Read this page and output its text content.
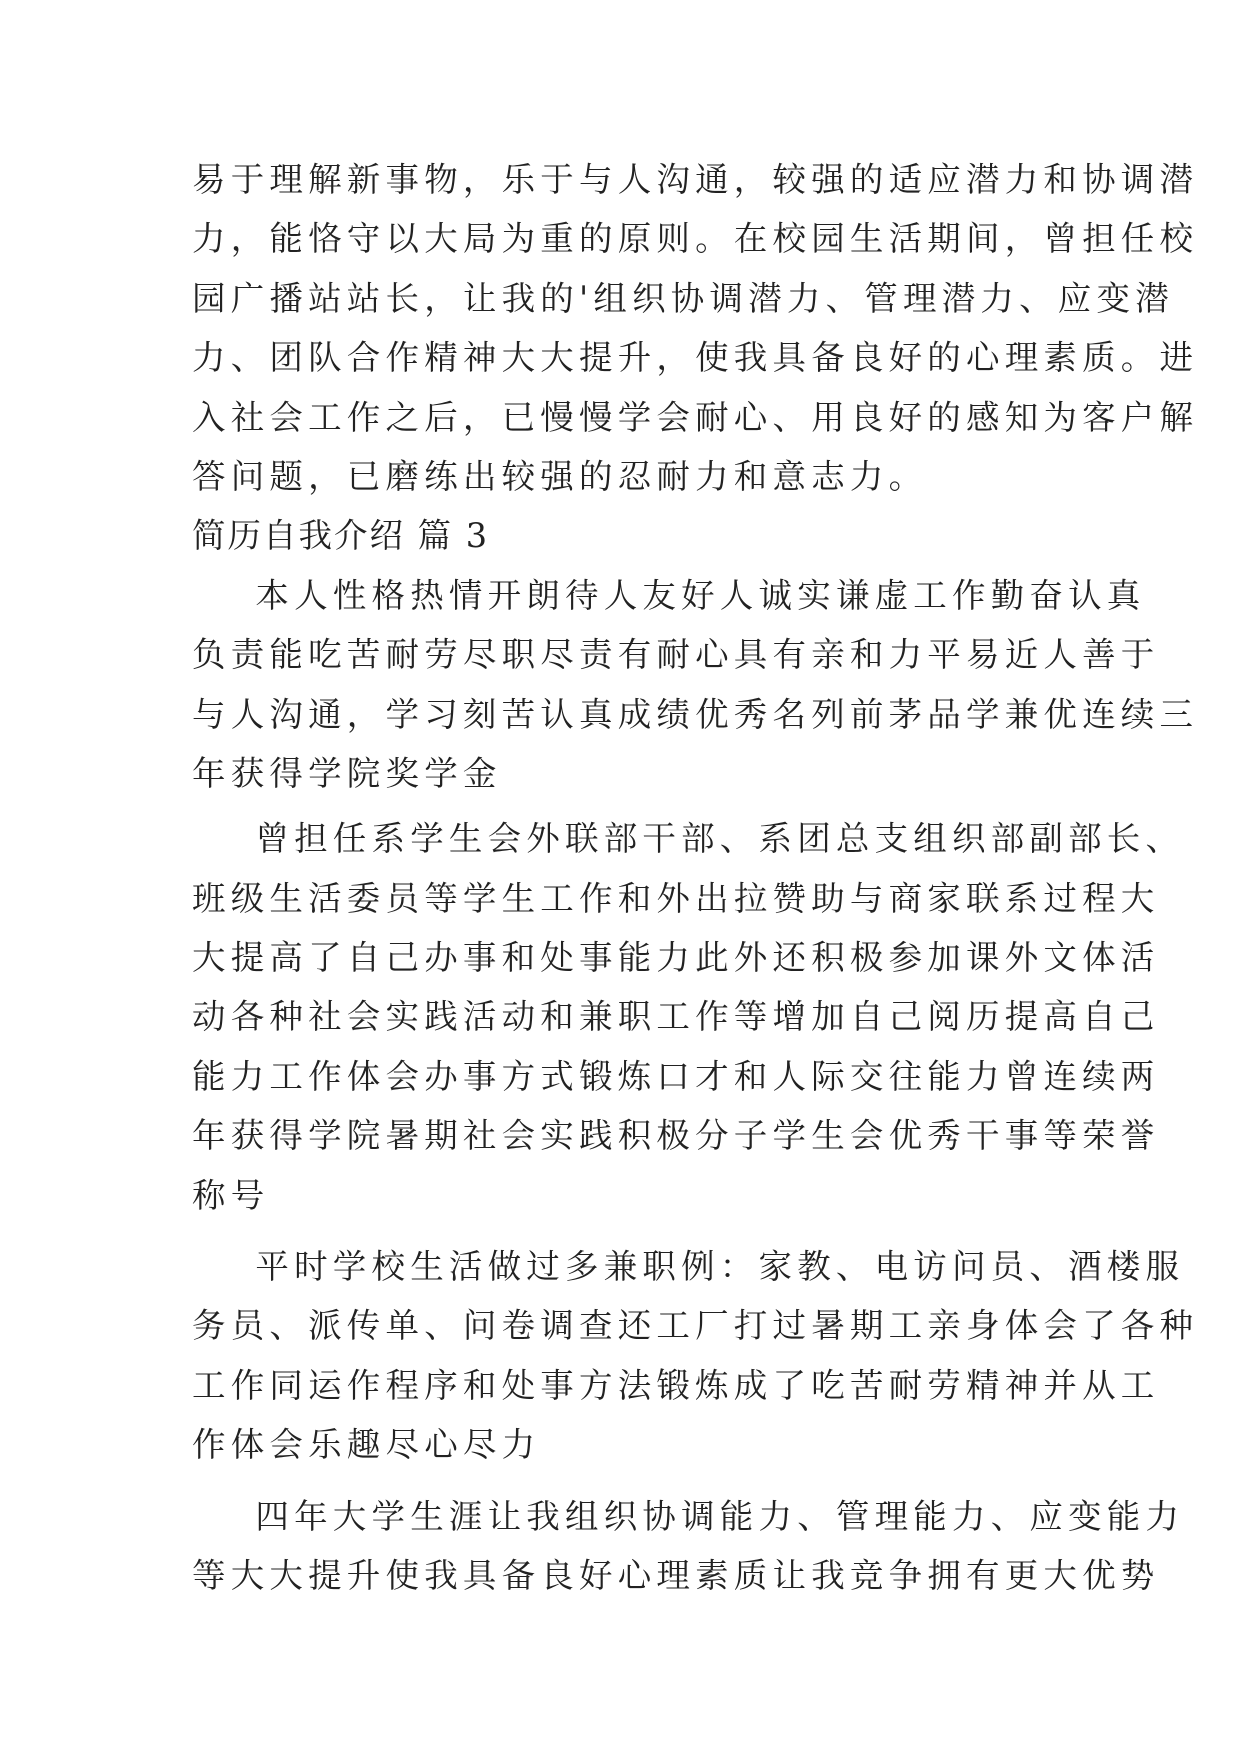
易于理解新事物，乐于与人沟通，较强的适应潜力和协调潜
力，能恪守以大局为重的原则。在校园生活期间，曾担任校
园广播站站长，让我的'组织协调潜力、管理潜力、应变潜
力、团队合作精神大大提升，使我具备良好的心理素质。进
入社会工作之后，已慢慢学会耐心、用良好的感知为客户解
答问题，已磨练出较强的忍耐力和意志力。
简历自我介绍 篇 3
本人性格热情开朗待人友好人诚实谦虚工作勤奋认真
负责能吃苦耐劳尽职尽责有耐心具有亲和力平易近人善于
与人沟通，学习刻苦认真成绩优秀名列前茅品学兼优连续三
年获得学院奖学金
曾担任系学生会外联部干部、系团总支组织部副部长、
班级生活委员等学生工作和外出拉赞助与商家联系过程大
大提高了自己办事和处事能力此外还积极参加课外文体活
动各种社会实践活动和兼职工作等增加自己阅历提高自己
能力工作体会办事方式锻炼口才和人际交往能力曾连续两
年获得学院暑期社会实践积极分子学生会优秀干事等荣誉
称号
平时学校生活做过多兼职例：家教、电访问员、酒楼服
务员、派传单、问卷调查还工厂打过暑期工亲身体会了各种
工作同运作程序和处事方法锻炼成了吃苦耐劳精神并从工
作体会乐趣尽心尽力
四年大学生涯让我组织协调能力、管理能力、应变能力
等大大提升使我具备良好心理素质让我竞争拥有更大优势
